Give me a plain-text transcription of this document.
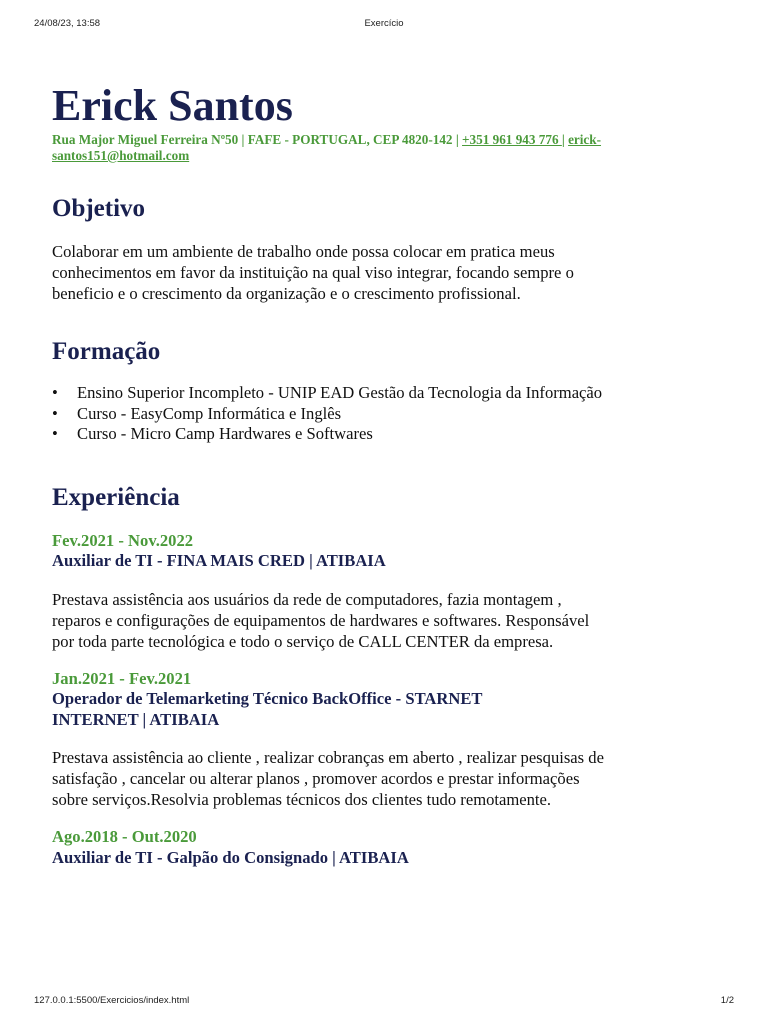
24/08/23, 13:58	Exercício
Erick Santos
Rua Major Miguel Ferreira Nº50 | FAFE - PORTUGAL, CEP 4820-142 | +351 961 943 776 | erick-santos151@hotmail.com
Objetivo

Colaborar em um ambiente de trabalho onde possa colocar em pratica meus conhecimentos em favor da instituição na qual viso integrar, focando sempre o beneficio e o crescimento da organização e o crescimento profissional.

Formação
• Ensino Superior Incompleto - UNIP EAD Gestão da Tecnologia da Informação
• Curso - EasyComp Informática e Inglês
• Curso - Micro Camp Hardwares e Softwares
Experiência
Fev.2021 - Nov.2022
Auxiliar de TI - FINA MAIS CRED | ATIBAIA

Prestava assistência aos usuários da rede de computadores, fazia montagem , reparos e configurações de equipamentos de hardwares e softwares. Responsável por toda parte tecnológica e todo o serviço de CALL CENTER da empresa.

Jan.2021 - Fev.2021
Operador de Telemarketing Técnico BackOffice - STARNET INTERNET | ATIBAIA

Prestava assistência ao cliente , realizar cobranças em aberto , realizar pesquisas de satisfação , cancelar ou alterar planos , promover acordos e prestar informações sobre serviços.Resolvia problemas técnicos dos clientes tudo remotamente.

Ago.2018 - Out.2020
Auxiliar de TI - Galpão do Consignado | ATIBAIA
127.0.0.1:5500/Exercicios/index.html	1/2
